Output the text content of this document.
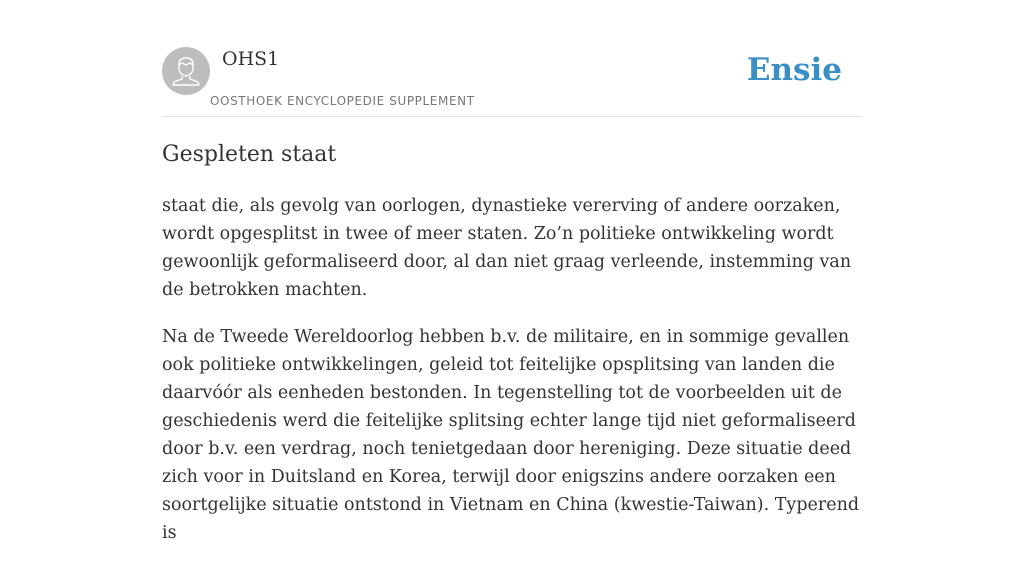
OHS1
OOSTHOEK ENCYCLOPEDIE SUPPLEMENT
Ensie
Gespleten staat

staat die, als gevolg van oorlogen, dynastieke vererving of andere oorzaken, wordt opgesplitst in twee of meer staten. Zo’n politieke ontwikkeling wordt gewoonlijk geformaliseerd door, al dan niet graag verleende, instemming van de betrokken machten.

Na de Tweede Wereldoorlog hebben b.v. de militaire, en in sommige gevallen ook politieke ontwikkelingen, geleid tot feitelijke opsplitsing van landen die daarvóór als eenheden bestonden. In tegenstelling tot de voorbeelden uit de geschiedenis werd die feitelijke splitsing echter lange tijd niet geformaliseerd door b.v. een verdrag, noch tenietgedaan door hereniging. Deze situatie deed zich voor in Duitsland en Korea, terwijl door enigszins andere oorzaken een soortgelijke situatie ontstond in Vietnam en China (kwestie-Taiwan). Typerend is
